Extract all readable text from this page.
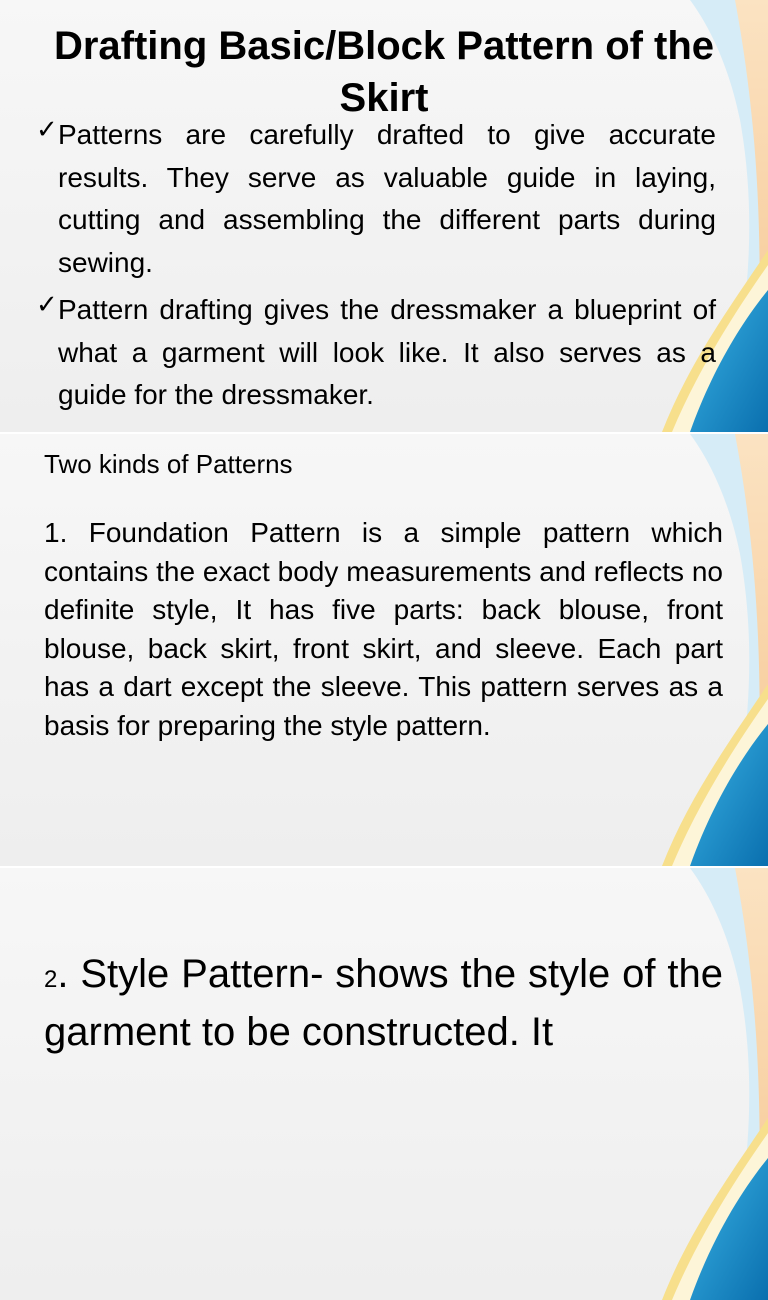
Drafting Basic/Block Pattern of the Skirt
✓ Patterns are carefully drafted to give accurate results. They serve as valuable guide in laying, cutting and assembling the different parts during sewing.
✓ Pattern drafting gives the dressmaker a blueprint of what a garment will look like. It also serves as a guide for the dressmaker.
Two kinds of Patterns
1. Foundation Pattern is a simple pattern which contains the exact body measurements and reflects no definite style, It has five parts: back blouse, front blouse, back skirt, front skirt, and sleeve. Each part has a dart except the sleeve. This pattern serves as a basis for preparing the style pattern.
2. Style Pattern- shows the style of the garment to be constructed. It
